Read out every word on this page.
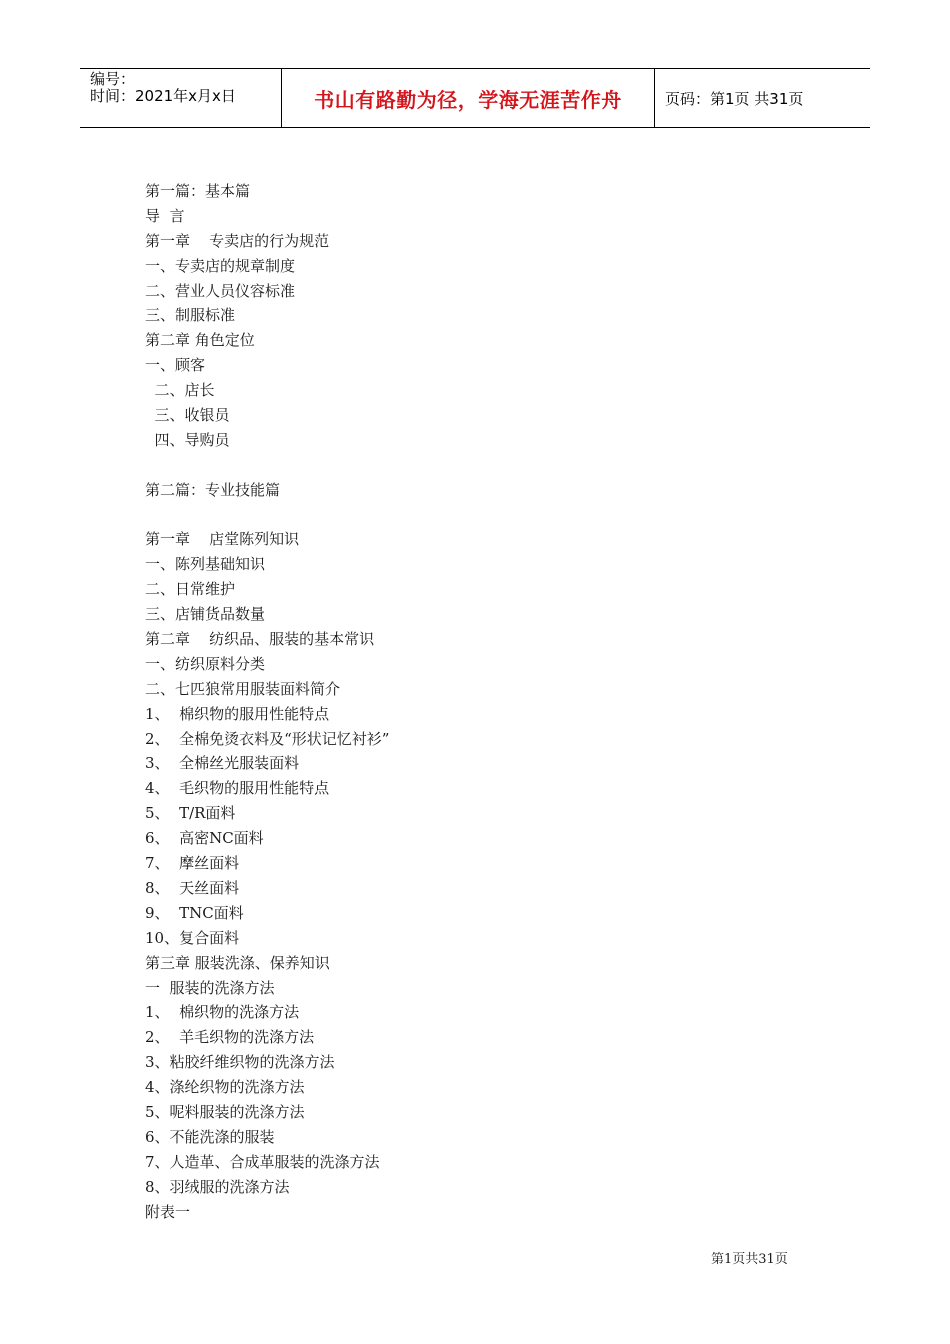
编号：
时间：2021年x月x日	书山有路勤为径，学海无涯苦作舟	页码：第1页 共31页
第一篇：基本篇
导  言
第一章    专卖店的行为规范
一、专卖店的规章制度
二、营业人员仪容标准
三、制服标准
第二章 角色定位
一、顾客
二、店长
三、收银员
四、导购员
第二篇：专业技能篇
第一章    店堂陈列知识
一、陈列基础知识
二、日常维护
三、店铺货品数量
第二章    纺织品、服装的基本常识
一、纺织原料分类
二、七匹狼常用服装面料简介
1、  棉织物的服用性能特点
2、  全棉免烫衣料及“形状记忆衬衫”
3、  全棉丝光服装面料
4、  毛织物的服用性能特点
5、  T/R面料
6、  高密NC面料
7、  摩丝面料
8、  天丝面料
9、  TNC面料
10、复合面料
第三章 服装洗涤、保养知识
一  服装的洗涤方法
1、  棉织物的洗涤方法
2、  羊毛织物的洗涤方法
3、粘胶纤维织物的洗涤方法
4、涤纶织物的洗涤方法
5、呢料服装的洗涤方法
6、不能洗涤的服装
7、人造革、合成革服装的洗涤方法
8、羽绒服的洗涤方法
附表一
第1页共31页
